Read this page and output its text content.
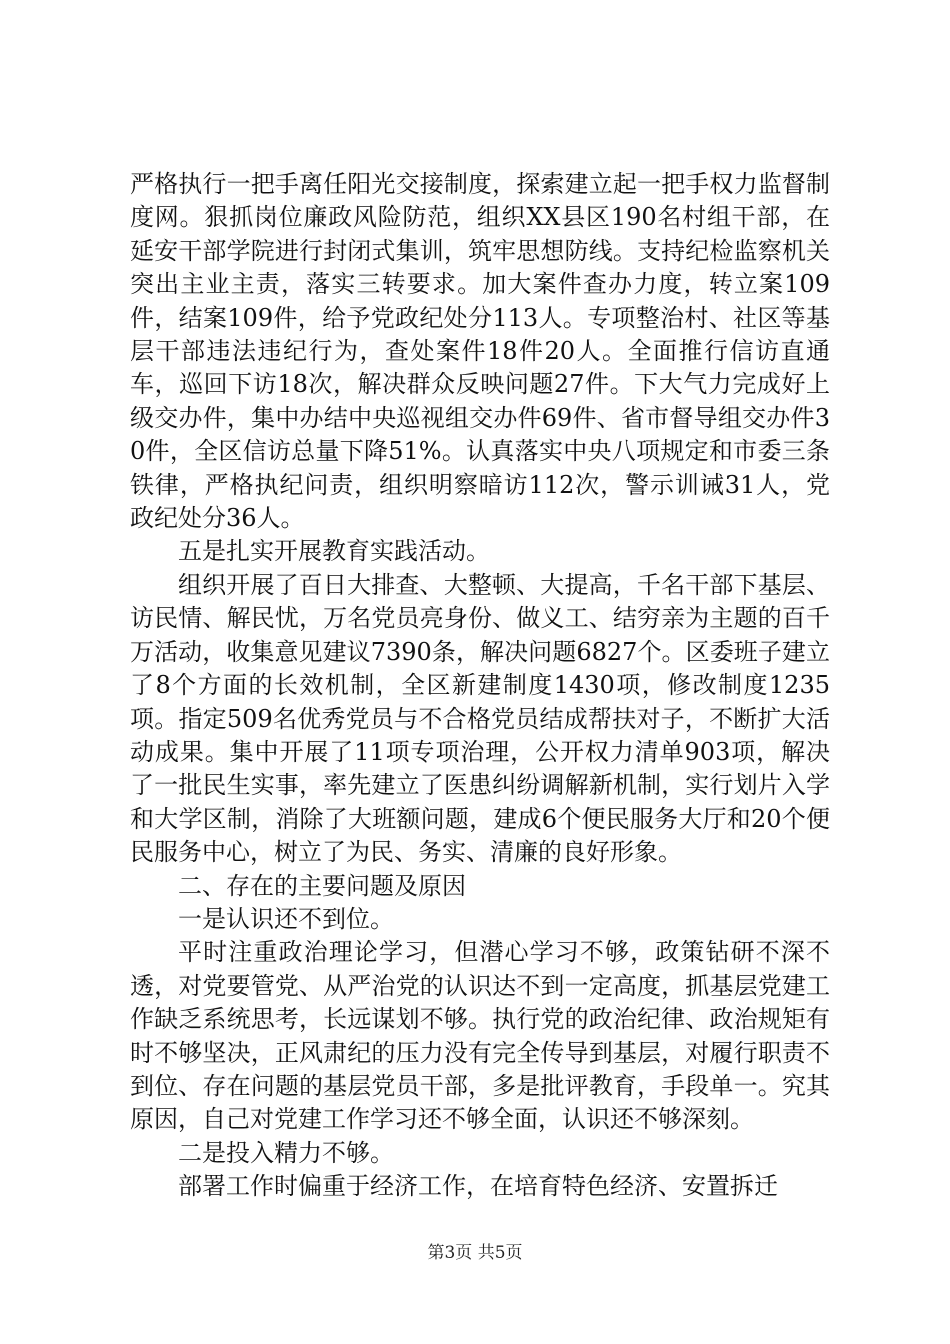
严格执行一把手离任阳光交接制度，探索建立起一把手权力监督制度网。狠抓岗位廉政风险防范，组织XX县区190名村组干部，在延安干部学院进行封闭式集训，筑牢思想防线。支持纪检监察机关突出主业主责，落实三转要求。加大案件查办力度，转立案109件，结案109件，给予党政纪处分113人。专项整治村、社区等基层干部违法违纪行为，查处案件18件20人。全面推行信访直通车，巡回下访18次，解决群众反映问题27件。下大气力完成好上级交办件，集中办结中央巡视组交办件69件、省市督导组交办件30件，全区信访总量下降51%。认真落实中央八项规定和市委三条铁律，严格执纪问责，组织明察暗访112次，警示训诫31人，党政纪处分36人。

五是扎实开展教育实践活动。

组织开展了百日大排查、大整顿、大提高，千名干部下基层、访民情、解民忧，万名党员亮身份、做义工、结穷亲为主题的百千万活动，收集意见建议7390条，解决问题6827个。区委班子建立了8个方面的长效机制，全区新建制度1430项，修改制度1235项。指定509名优秀党员与不合格党员结成帮扶对子，不断扩大活动成果。集中开展了11项专项治理，公开权力清单903项，解决了一批民生实事，率先建立了医患纠纷调解新机制，实行划片入学和大学区制，消除了大班额问题，建成6个便民服务大厅和20个便民服务中心，树立了为民、务实、清廉的良好形象。

二、存在的主要问题及原因

一是认识还不到位。

平时注重政治理论学习，但潜心学习不够，政策钻研不深不透，对党要管党、从严治党的认识达不到一定高度，抓基层党建工作缺乏系统思考，长远谋划不够。执行党的政治纪律、政治规矩有时不够坚决，正风肃纪的压力没有完全传导到基层，对履行职责不到位、存在问题的基层党员干部，多是批评教育，手段单一。究其原因，自己对党建工作学习还不够全面，认识还不够深刻。

二是投入精力不够。

部署工作时偏重于经济工作，在培育特色经济、安置拆迁

第3页 共5页
